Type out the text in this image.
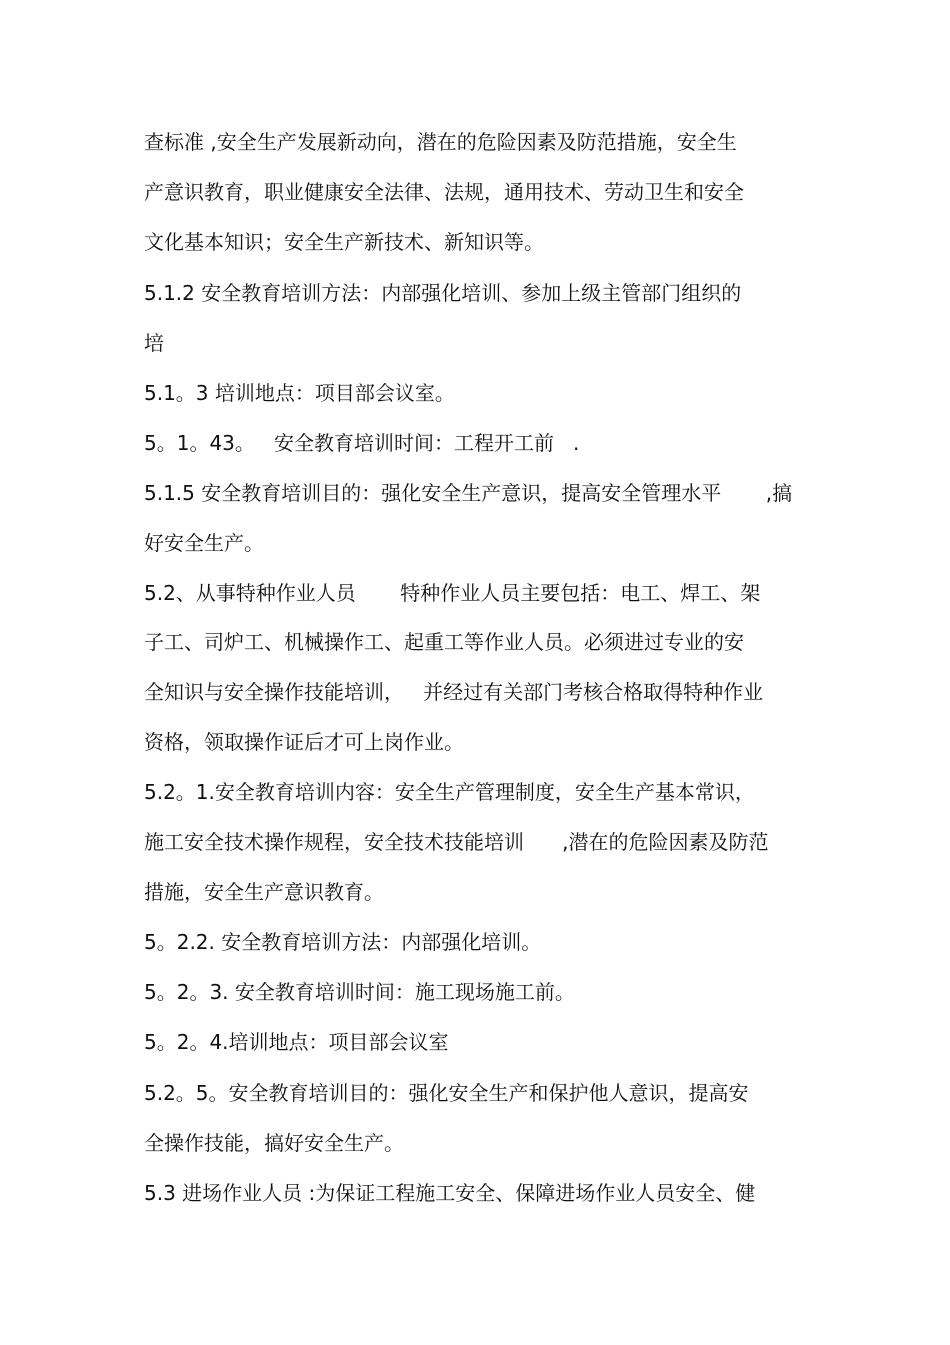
查标准 ,安全生产发展新动向，潜在的危险因素及防范措施，安全生
产意识教育，职业健康安全法律、法规，通用技术、劳动卫生和安全
文化基本知识；安全生产新技术、新知识等。
5.1.2 安全教育培训方法：内部强化培训、参加上级主管部门组织的
培
5.1。3 培训地点：项目部会议室。
5。1。43。   安全教育培训时间：工程开工前   .
5.1.5 安全教育培训目的：强化安全生产意识，提高安全管理水平       ,搞
好安全生产。
5.2、从事特种作业人员       特种作业人员主要包括：电工、焊工、架
子工、司炉工、机械操作工、起重工等作业人员。必须进过专业的安
全知识与安全操作技能培训，   并经过有关部门考核合格取得特种作业
资格，领取操作证后才可上岗作业。
5.2。1.安全教育培训内容：安全生产管理制度，安全生产基本常识，
施工安全技术操作规程，安全技术技能培训      ,潜在的危险因素及防范
措施，安全生产意识教育。
5。2.2. 安全教育培训方法：内部强化培训。
5。2。3. 安全教育培训时间：施工现场施工前。
5。2。4.培训地点：项目部会议室
5.2。5。安全教育培训目的：强化安全生产和保护他人意识，提高安
全操作技能，搞好安全生产。
5.3 进场作业人员 :为保证工程施工安全、保障进场作业人员安全、健
